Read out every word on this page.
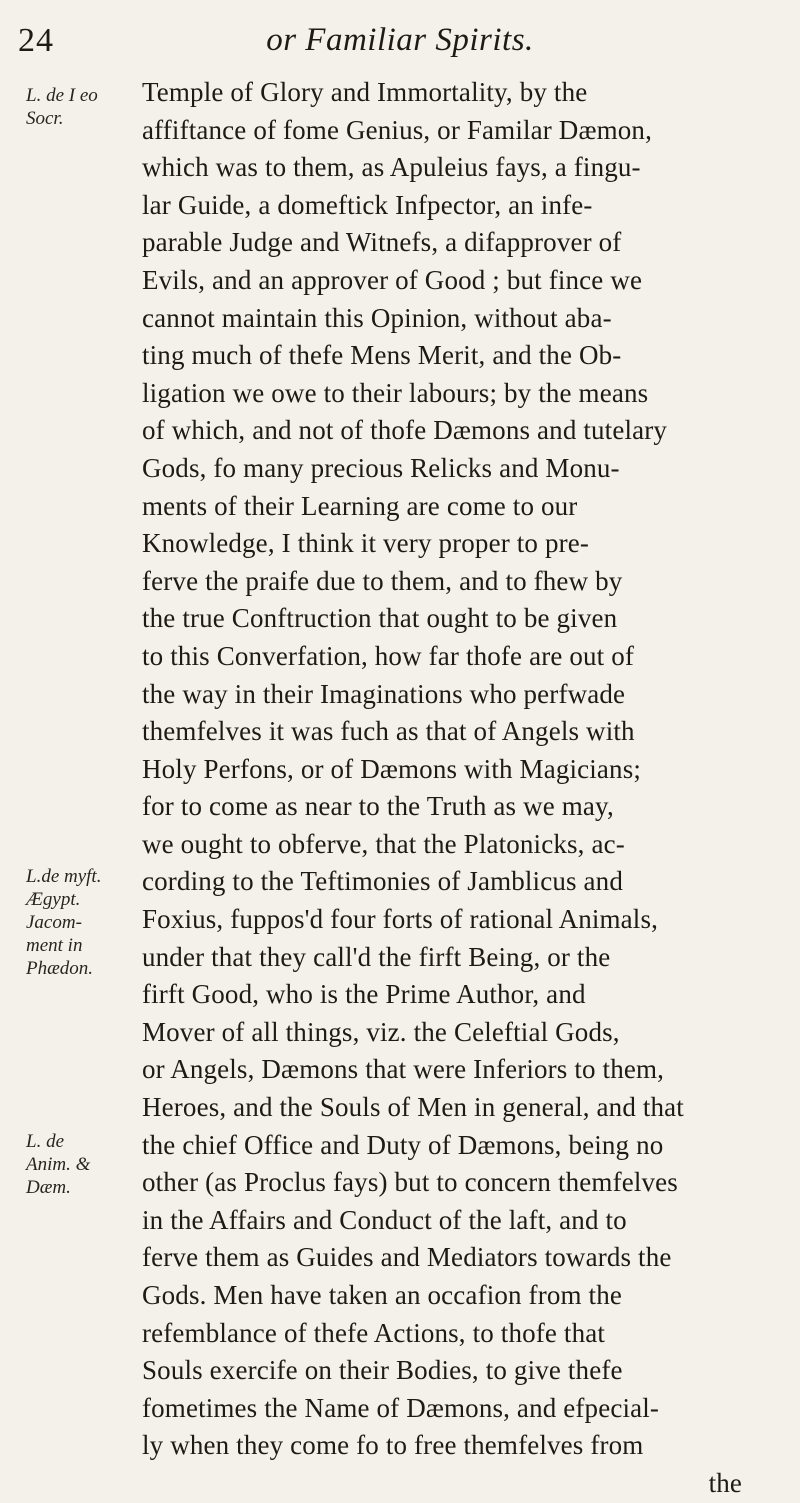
24	or Familiar Spirits.
L. de I eo
Socr.
L.de myft.
Ægypt.
Jacom-
ment in
Phædon.
L. de
Anim. &
Dæm.
Temple of Glory and Immortality, by the
affiftance of fome Genius, or Familar Dæmon,
which was to them, as Apuleius fays, a fingu-
lar Guide, a domeftick Infpector, an infe-
parable Judge and Witnefs, a difapprover of
Evils, and an approver of Good ; but fince we
cannot maintain this Opinion, without aba-
ting much of thefe Mens Merit, and the Ob-
ligation we owe to their labours; by the means
of which, and not of thofe Dæmons and tutelary
Gods, fo many precious Relicks and Monu-
ments of their Learning are come to our
Knowledge, I think it very proper to pre-
ferve the praife due to them, and to fhew by
the true Conftruction that ought to be given
to this Converfation, how far thofe are out of
the way in their Imaginations who perfwade
themfelves it was fuch as that of Angels with
Holy Perfons, or of Dæmons with Magicians;
for to come as near to the Truth as we may,
we ought to obferve, that the Platonicks, ac-
cording to the Teftimonies of Jamblicus and
Foxius, fuppos'd four forts of rational Animals,
under that they call'd the firft Being, or the
firft Good, who is the Prime Author, and
Mover of all things, viz. the Celeftial Gods,
or Angels, Dæmons that were Inferiors to them,
Heroes, and the Souls of Men in general, and that
the chief Office and Duty of Dæmons, being no
other (as Proclus fays) but to concern themfelves
in the Affairs and Conduct of the laft, and to
ferve them as Guides and Mediators towards the
Gods. Men have taken an occafion from the
refemblance of thefe Actions, to thofe that
Souls exercife on their Bodies, to give thefe
fometimes the Name of Dæmons, and efpecial-
ly when they come fo to free themfelves from
the
